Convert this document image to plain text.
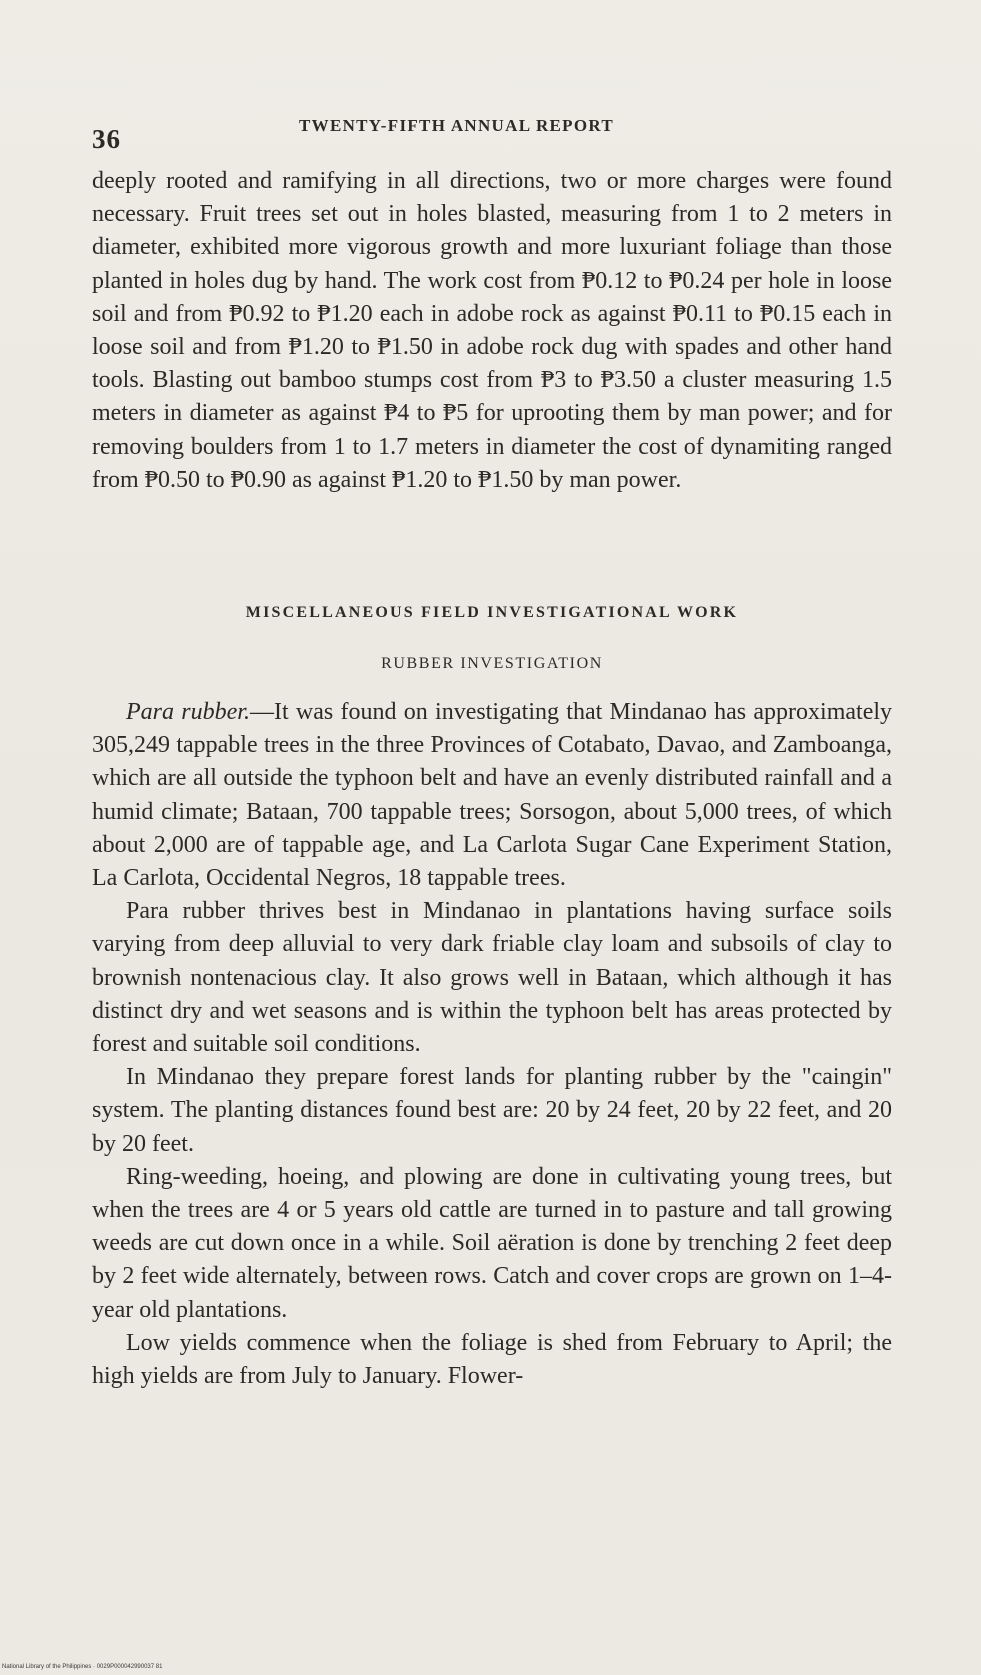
36	TWENTY-FIFTH ANNUAL REPORT

deeply rooted and ramifying in all directions, two or more charges were found necessary. Fruit trees set out in holes blasted, measuring from 1 to 2 meters in diameter, exhibited more vigorous growth and more luxuriant foliage than those planted in holes dug by hand. The work cost from ₱0.12 to ₱0.24 per hole in loose soil and from ₱0.92 to ₱1.20 each in adobe rock as against ₱0.11 to ₱0.15 each in loose soil and from ₱1.20 to ₱1.50 in adobe rock dug with spades and other hand tools. Blasting out bamboo stumps cost from ₱3 to ₱3.50 a cluster measuring 1.5 meters in diameter as against ₱4 to ₱5 for uprooting them by man power; and for removing boulders from 1 to 1.7 meters in diameter the cost of dynamiting ranged from ₱0.50 to ₱0.90 as against ₱1.20 to ₱1.50 by man power.

MISCELLANEOUS FIELD INVESTIGATIONAL WORK
RUBBER INVESTIGATION

Para rubber.—It was found on investigating that Mindanao has approximately 305,249 tappable trees in the three Provinces of Cotabato, Davao, and Zamboanga, which are all outside the typhoon belt and have an evenly distributed rainfall and a humid climate; Bataan, 700 tappable trees; Sorsogon, about 5,000 trees, of which about 2,000 are of tappable age, and La Carlota Sugar Cane Experiment Station, La Carlota, Occidental Negros, 18 tappable trees.

Para rubber thrives best in Mindanao in plantations having surface soils varying from deep alluvial to very dark friable clay loam and subsoils of clay to brownish nontenacious clay. It also grows well in Bataan, which although it has distinct dry and wet seasons and is within the typhoon belt has areas protected by forest and suitable soil conditions.

In Mindanao they prepare forest lands for planting rubber by the "caingin" system. The planting distances found best are: 20 by 24 feet, 20 by 22 feet, and 20 by 20 feet.

Ring-weeding, hoeing, and plowing are done in cultivating young trees, but when the trees are 4 or 5 years old cattle are turned in to pasture and tall growing weeds are cut down once in a while. Soil aëration is done by trenching 2 feet deep by 2 feet wide alternately, between rows. Catch and cover crops are grown on 1–4-year old plantations.

Low yields commence when the foliage is shed from February to April; the high yields are from July to January. Flower-

National Library of the Philippines · 0029P000042990037 81
